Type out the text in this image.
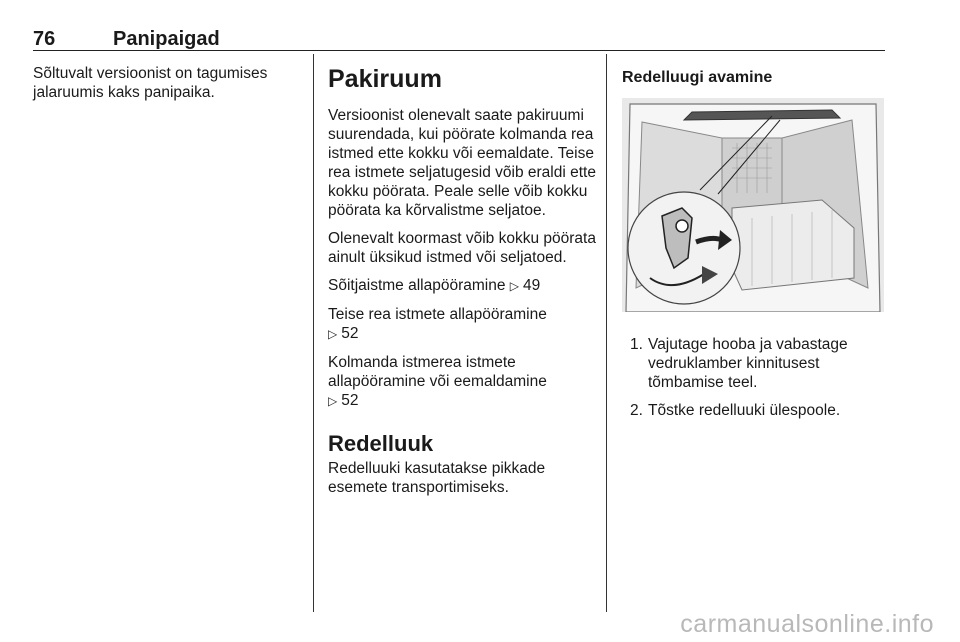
76	Panipaigad

Sõltuvalt versioonist on tagumises jalaruumis kaks panipaika.	Pakiruum

Versioonist olenevalt saate pakiruumi suurendada, kui pöörate kolmanda rea istmed ette kokku või eemaldate. Teise rea istmete seljatugesid võib eraldi ette kokku pöörata. Peale selle võib kokku pöörata ka kõrvalistme seljatoe.

Olenevalt koormast võib kokku pöörata ainult üksikud istmed või seljatoed.

Sõitjaistme allapööramine ▷ 49

Teise rea istmete allapööramine
▷ 52

Kolmanda istmerea istmete allapööramine või eemaldamine
▷ 52

Redelluuk

Redelluuki kasutatakse pikkade esemete transportimiseks.

Redelluugi avamine
1. Vajutage hooba ja vabastage vedruklamber kinnitusest tõmbamise teel.
2. Tõstke redelluuki ülespoole.
carmanualsonline.info
